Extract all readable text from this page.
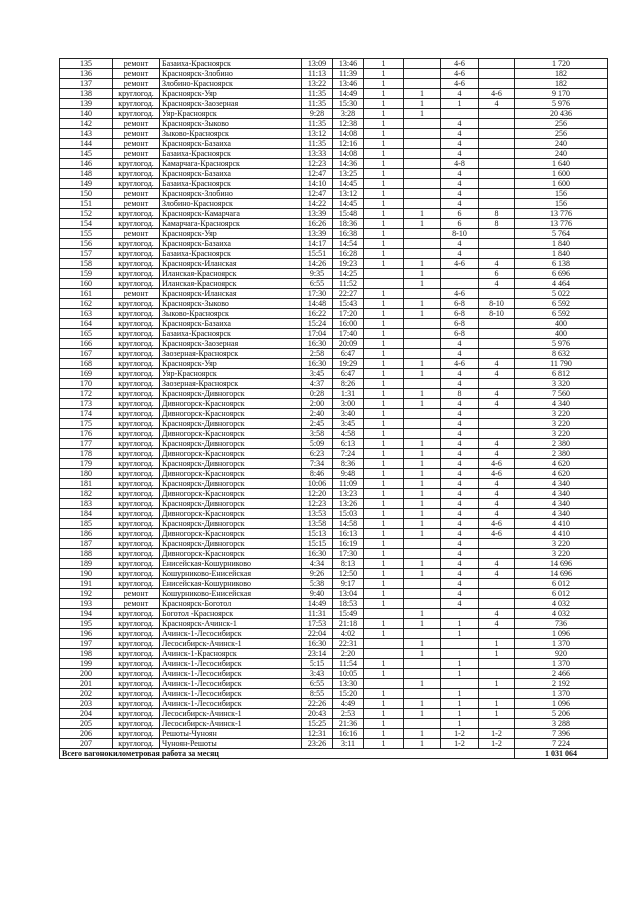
135	ремонт	Базаиха-Красноярск	13:09	13:46	1		4-6		1 720
136	ремонт	Красноярск-Злобино	11:13	11:39	1		4-6		182
137	ремонт	Злобино-Красноярск	13:22	13:46	1		4-6		182
138	круглогод.	Красноярск-Уяр	11:35	14:49	1	1	4	4-6	9 170
139	круглогод.	Красноярск-Заозерная	11:35	15:30	1	1	1	4	5 976
140	круглогод.	Уяр-Красноярск	9:28	3:28	1	1			20 436
142	ремонт	Красноярск-Зыково	11:35	12:38	1		4		256
143	ремонт	Зыково-Красноярск	13:12	14:08	1		4		256
144	ремонт	Красноярск-Базаиха	11:35	12:16	1		4		240
145	ремонт	Базаиха-Красноярск	13:33	14:08	1		4		240
146	круглогод.	Камарчага-Красноярск	12:23	14:36	1		4-8		1 640
148	круглогод.	Красноярск-Базаиха	12:47	13:25	1		4		1 600
149	круглогод.	Базаиха-Красноярск	14:10	14:45	1		4		1 600
150	ремонт	Красноярск-Злобино	12:47	13:12	1		4		156
151	ремонт	Злобино-Красноярск	14:22	14:45	1		4		156
152	круглогод.	Красноярск-Камарчага	13:39	15:48	1	1	6	8	13 776
154	круглогод.	Камарчага-Красноярск	16:26	18:36	1	1	6	8	13 776
155	ремонт	Красноярск-Уяр	13:39	16:38	1		8-10		5 764
156	круглогод.	Красноярск-Базаиха	14:17	14:54	1		4		1 840
157	круглогод.	Базаиха-Красноярск	15:51	16:28	1		4		1 840
158	круглогод.	Красноярск-Иланская	14:26	19:23	1	1	4-6	4	6 138
159	круглогод.	Иланская-Красноярск	9:35	14:25		1		6	6 696
160	круглогод.	Иланская-Красноярск	6:55	11:52		1		4	4 464
161	ремонт	Красноярск-Иланская	17:30	22:27	1		4-6		5 022
162	круглогод.	Красноярск-Зыково	14:48	15:43	1	1	6-8	8-10	6 592
163	круглогод.	Зыково-Красноярск	16:22	17:20	1	1	6-8	8-10	6 592
164	круглогод.	Красноярск-Базаиха	15:24	16:00	1		6-8		400
165	круглогод.	Базаиха-Красноярск	17:04	17:40	1		6-8		400
166	круглогод.	Красноярск-Заозерная	16:30	20:09	1		4		5 976
167	круглогод.	Заозерная-Красноярск	2:58	6:47	1		4		8 632
168	круглогод.	Красноярск-Уяр	16:30	19:29	1	1	4-6	4	11 790
169	круглогод.	Уяр-Красноярск	3:45	6:47	1	1	4	4	6 812
170	круглогод.	Заозерная-Красноярск	4:37	8:26	1		4		3 320
172	круглогод.	Красноярск-Дивногорск	0:28	1:31	1	1	8	4	7 560
173	круглогод.	Дивногорск-Красноярск	2:00	3:00	1	1	4	4	4 340
174	круглогод.	Дивногорск-Красноярск	2:40	3:40	1		4		3 220
175	круглогод.	Красноярск-Дивногорск	2:45	3:45	1		4		3 220
176	круглогод.	Дивногорск-Красноярск	3:58	4:58	1		4		3 220
177	круглогод.	Красноярск-Дивногорск	5:09	6:13	1	1	4	4	2 380
178	круглогод.	Дивногорск-Красноярск	6:23	7:24	1	1	4	4	2 380
179	круглогод.	Красноярск-Дивногорск	7:34	8:36	1	1	4	4-6	4 620
180	круглогод.	Дивногорск-Красноярск	8:46	9:48	1	1	4	4-6	4 620
181	круглогод.	Красноярск-Дивногорск	10:06	11:09	1	1	4	4	4 340
182	круглогод.	Дивногорск-Красноярск	12:20	13:23	1	1	4	4	4 340
183	круглогод.	Красноярск-Дивногорск	12:23	13:26	1	1	4	4	4 340
184	круглогод.	Дивногорск-Красноярск	13:53	15:03	1	1	4	4	4 340
185	круглогод.	Красноярск-Дивногорск	13:58	14:58	1	1	4	4-6	4 410
186	круглогод.	Дивногорск-Красноярск	15:13	16:13	1	1	4	4-6	4 410
187	круглогод.	Красноярск-Дивногорск	15:15	16:19	1		4		3 220
188	круглогод.	Дивногорск-Красноярск	16:30	17:30	1		4		3 220
189	круглогод.	Енисейская-Кошурниково	4:34	8:13	1	1	4	4	14 696
190	круглогод.	Кошурниково-Енисейская	9:26	12:50	1	1	4	4	14 696
191	круглогод.	Енисейская-Кошурниково	5:38	9:17	1		4		6 012
192	ремонт	Кошурниково-Енисейская	9:40	13:04	1		4		6 012
193	ремонт	Красноярск-Боготол	14:49	18:53	1		4		4 032
194	круглогод.	Боготол -Красноярск	11:31	15:49		1		4	4 032
195	круглогод.	Красноярск-Ачинск-1	17:53	21:18	1	1	1	4	736
196	круглогод.	Ачинск-1-Лесосибирск	22:04	4:02	1		1		1 096
197	круглогод.	Лесосибирск-Ачинск-1	16:30	22:31		1		1	1 370
198	круглогод.	Ачинск-1-Красноярск	23:14	2:20		1		1	920
199	круглогод.	Ачинск-1-Лесосибирск	5:15	11:54	1		1		1 370
200	круглогод.	Ачинск-1-Лесосибирск	3:43	10:05	1		1		2 466
201	круглогод.	Ачинск-1-Лесосибирск	6:55	13:30		1		1	2 192
202	круглогод.	Ачинск-1-Лесосибирск	8:55	15:20	1		1		1 370
203	круглогод.	Ачинск-1-Лесосибирск	22:26	4:49	1	1	1	1	1 096
204	круглогод.	Лесосибирск-Ачинск-1	20:43	2:53	1	1	1	1	5 206
205	круглогод.	Лесосибирск-Ачинск-1	15:25	21:36	1		1		3 288
206	круглогод.	Решоты-Чуноян	12:31	16:16	1	1	1-2	1-2	7 396
207	круглогод.	Чуноян-Решоты	23:26	3:11	1	1	1-2	1-2	7 224
Всего вагонокилометровая работа за месяц									1 031 064
